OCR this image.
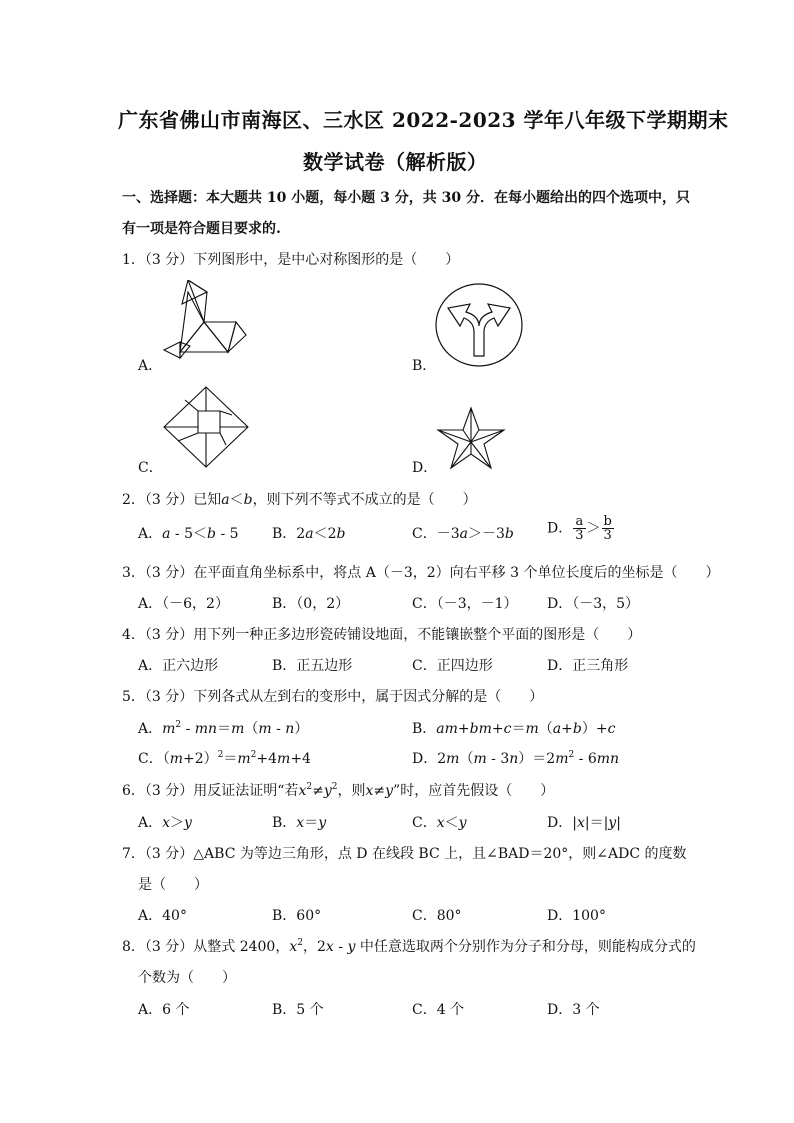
广东省佛山市南海区、三水区 2022-2023 学年八年级下学期期末
数学试卷（解析版）
一、选择题：本大题共 10 小题，每小题 3 分，共 30 分．在每小题给出的四个选项中，只
有一项是符合题目要求的.
1．（3 分）下列图形中，是中心对称图形的是（　　）
A．	B．
C．	D．
2．（3 分）已知a＜b，则下列不等式不成立的是（　　）
A．a - 5＜b - 5 B．2a＜2b	C．－3a＞－3b D． $\frac{a}{3} > \frac{b}{3}$
3．（3 分）在平面直角坐标系中，将点 A（－3，2）向右平移 3 个单位长度后的坐标是（　　）
A．（－6，2）	B．（0，2）	C．（－3，－1） D．（－3，5）
4．（3 分）用下列一种正多边形瓷砖铺设地面，不能镶嵌整个平面的图形是（　　）
A．正六边形	B．正五边形	C．正四边形	D．正三角形
5．（3 分）下列各式从左到右的变形中，属于因式分解的是（　　）
A．$m^2 - mn=m(m - n)$	B．am+bm+c＝m（a+b）+c
C．$(m+2)^2=m^2+4m+4$	D．$2m(m - 3n)=2m^2 - 6mn$
6．（3 分）用反证法证明“若$x^2\ne y^2$，则x≠y”时，应首先假设（　　）
A．x＞y	B．x＝y	C．x＜y	D．|x|＝|y|
7．（3 分）△ABC 为等边三角形，点 D 在线段 BC 上，且∠BAD＝20°，则∠ADC 的度数
是（　　）
A．40°	B．60°	C．80°	D．100°
8．（3 分）从整式 2400，$x^2$，2x - y 中任意选取两个分别作为分子和分母，则能构成分式的
个数为（　　）
A．6 个	B．5 个	C．4 个	D．3 个
